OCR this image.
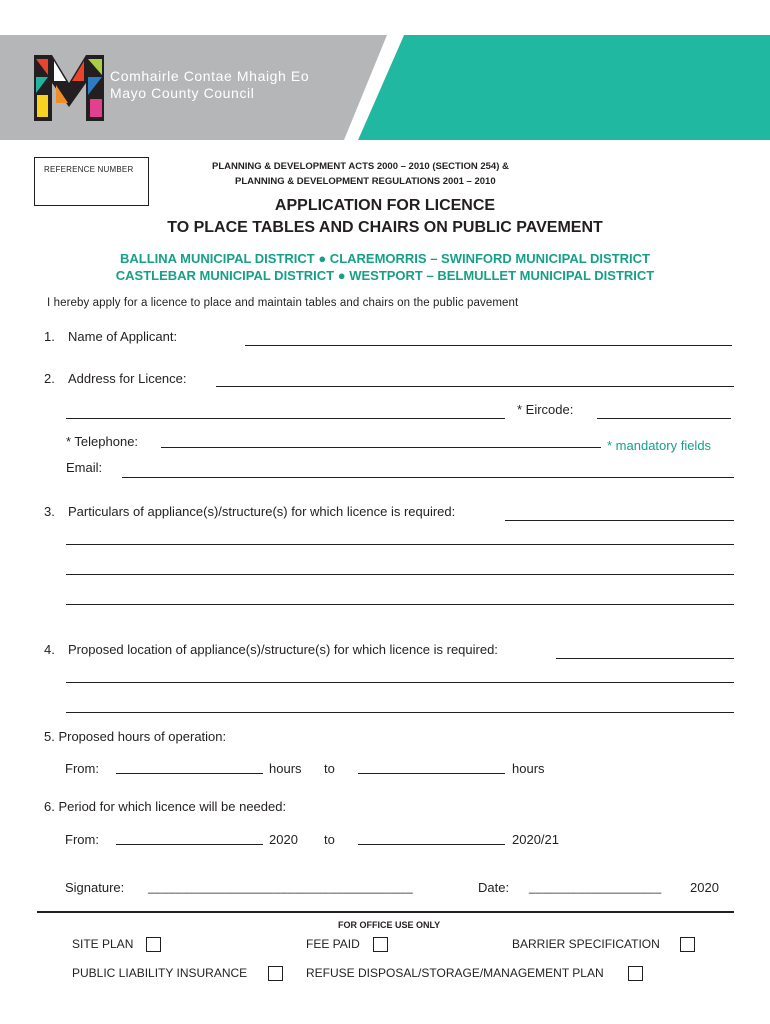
Comhairle Contae Mhaigh Eo
Mayo County Council
REFERENCE NUMBER	PLANNING & DEVELOPMENT ACTS 2000 – 2010 (SECTION 254) &
PLANNING & DEVELOPMENT REGULATIONS 2001 – 2010
APPLICATION FOR LICENCE
TO PLACE TABLES AND CHAIRS ON PUBLIC PAVEMENT
BALLINA MUNICIPAL DISTRICT ● CLAREMORRIS – SWINFORD MUNICIPAL DISTRICT
CASTLEBAR MUNICIPAL DISTRICT ● WESTPORT – BELMULLET MUNICIPAL DISTRICT
I hereby apply for a licence to place and maintain tables and chairs on the public pavement
1. Name of Applicant:
2. Address for Licence:
* Eircode:
* Telephone:	* mandatory fields
Email:
3. Particulars of appliance(s)/structure(s) for which licence is required:
4. Proposed location of appliance(s)/structure(s) for which licence is required:
5. Proposed hours of operation:
From:	hours to	hours
6. Period for which licence will be needed:
From:	2020 to	2020/21
Signature: ______________________________________	Date: ___________________ 2020
FOR OFFICE USE ONLY
SITE PLAN	FEE PAID	BARRIER SPECIFICATION
PUBLIC LIABILITY INSURANCE	REFUSE DISPOSAL/STORAGE/MANAGEMENT PLAN
